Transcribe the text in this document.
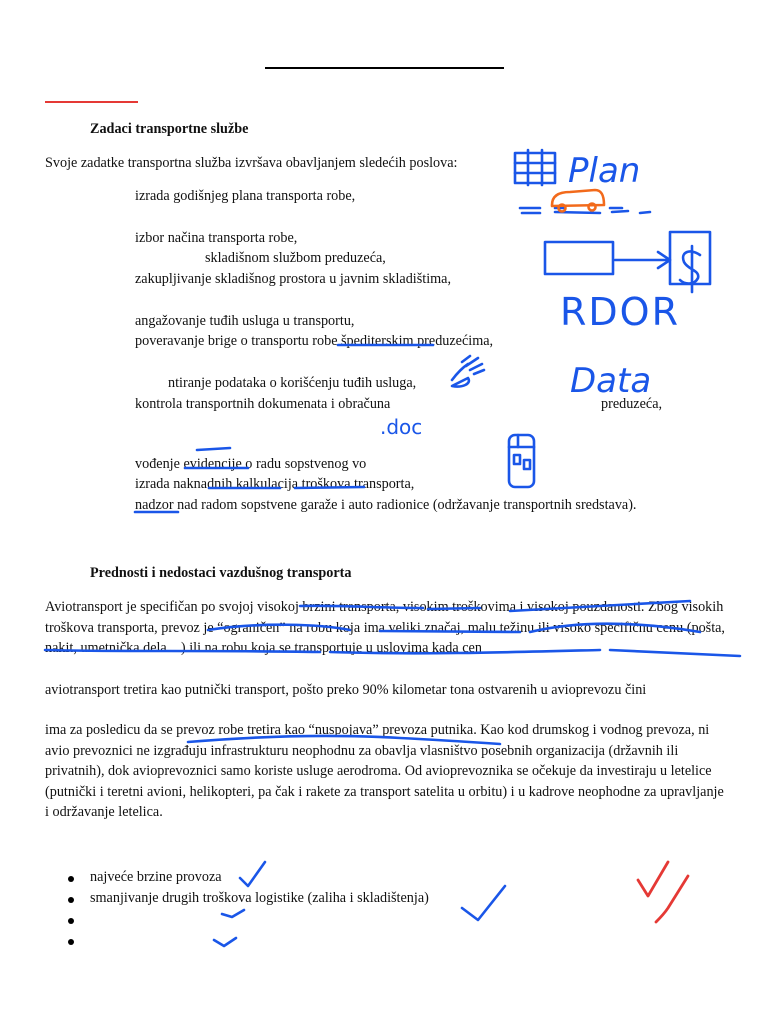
Zadaci transportne službe
Svoje zadatke transportna služba izvršava obavljanjem sledećih poslova:
izrada godišnjeg plana transporta robe,
izbor načina transporta robe,
skladišnom službom preduzeća,
zakupljivanje skladišnog prostora u javnim skladištima,
angažovanje tuđih usluga u transportu,
poveravanje brige o transportu robe špediterskim preduzećima,
ntiranje podataka o korišćenju tuđih usluga,
kontrola transportnih dokumenata i obračuna	preduzeća,
vođenje evidencije o radu sopstvenog vo
izrada naknadnih kalkulacija troškova transporta,
nadzor nad radom sopstvene garaže i auto radionice (održavanje transportnih sredstava).
Prednosti i nedostaci vazdušnog transporta
Aviotransport je specifičan po svojoj visokoj brzini transporta, visokim troškovima i visokoj pouzdanosti. Zbog visokih troškova transporta, prevoz je “ograničen” na robu koja ima veliki značaj, malu težinu ili visoko specifičnu cenu (pošta, nakit, umetnička dela…) ili na robu koja se transportuje u uslovima kada cen
aviotransport tretira kao putnički transport, pošto preko 90% kilometar tona ostvarenih u avioprevozu čini
ima za posledicu da se prevoz robe tretira kao “nuspojava” prevoza putnika. Kao kod drumskog i vodnog prevoza, ni avio prevoznici ne izgrađuju infrastrukturu neophodnu za obavlja vlasništvo posebnih organizacija (državnih ili privatnih), dok avioprevoznici samo koriste usluge aerodroma. Od avioprevoznika se očekuje da investiraju u letelice (putnički i teretni avioni, helikopteri, pa čak i rakete za transport satelita u orbitu) i u kadrove neophodne za upravljanje i održavanje letelica.
najveće brzine provoza
smanjivanje drugih troškova logistike (zaliha i skladištenja)
Plan
RDOR
Data
.doc
